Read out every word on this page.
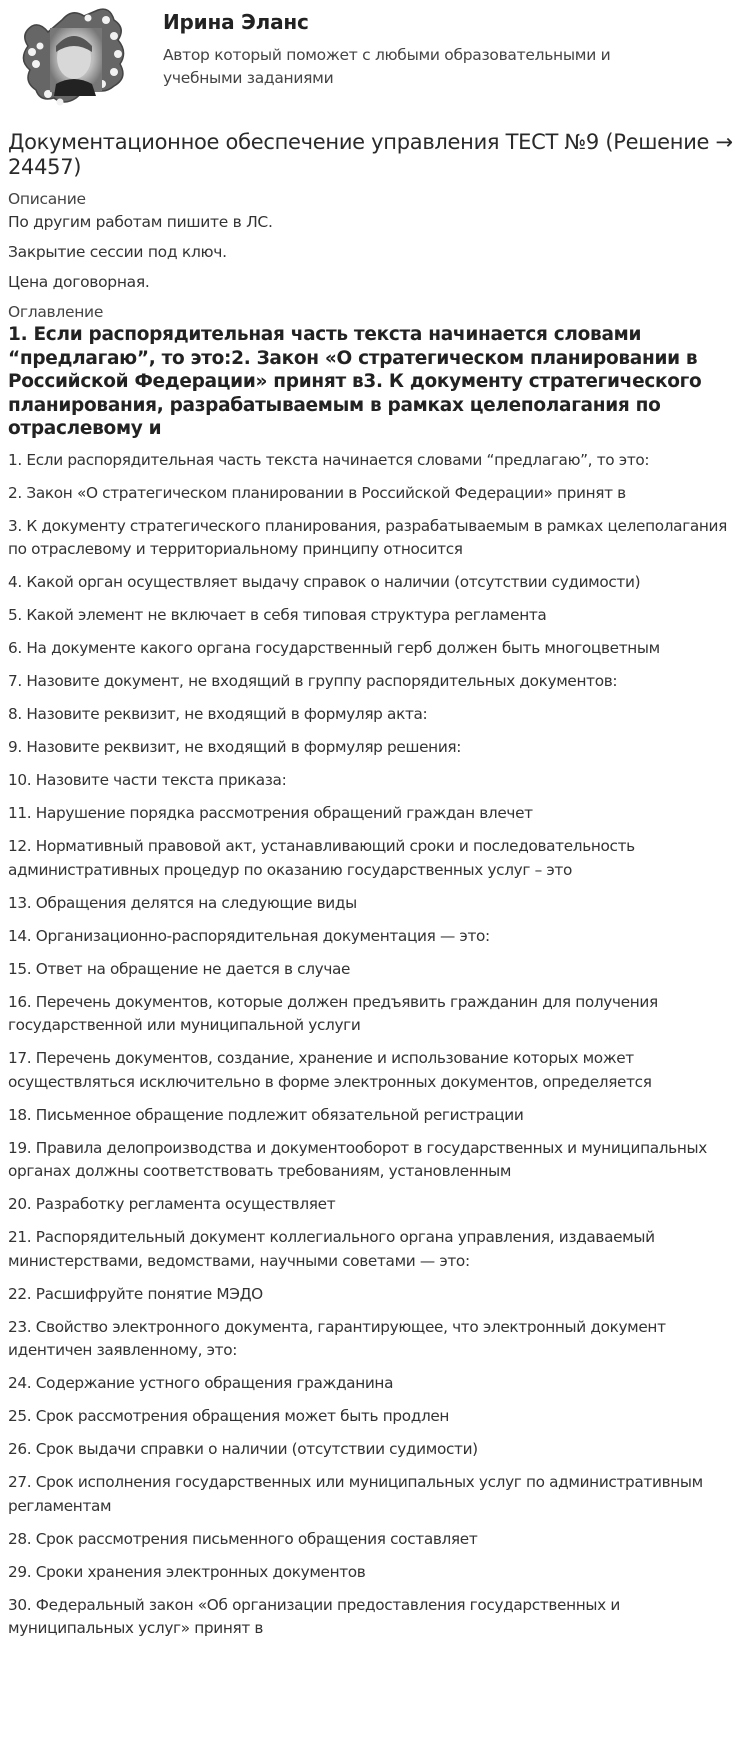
Ирина Эланс
Автор который поможет с любыми образовательными и учебными заданиями
Документационное обеспечение управления ТЕСТ №9 (Решение → 24457)
Описание

По другим работам пишите в ЛС.

Закрытие сессии под ключ.

Цена договорная.

Оглавление
1. Если распорядительная часть текста начинается словами “предлагаю”, то это:2. Закон «О стратегическом планировании в Российской Федерации» принят в3. К документу стратегического планирования, разрабатываемым в рамках целеполагания по отраслевому и
1. Если распорядительная часть текста начинается словами “предлагаю”, то это:
2. Закон «О стратегическом планировании в Российской Федерации» принят в
3. К документу стратегического планирования, разрабатываемым в рамках целеполагания по отраслевому и территориальному принципу относится
4. Какой орган осуществляет выдачу справок о наличии (отсутствии судимости)
5. Какой элемент не включает в себя типовая структура регламента
6. На документе какого органа государственный герб должен быть многоцветным
7. Назовите документ, не входящий в группу распорядительных документов:
8. Назовите реквизит, не входящий в формуляр акта:
9. Назовите реквизит, не входящий в формуляр решения:
10. Назовите части текста приказа:
11. Нарушение порядка рассмотрения обращений граждан влечет
12. Нормативный правовой акт, устанавливающий сроки и последовательность административных процедур по оказанию государственных услуг – это
13. Обращения делятся на следующие виды
14. Организационно-распорядительная документация — это:
15. Ответ на обращение не дается в случае
16. Перечень документов, которые должен предъявить гражданин для получения государственной или муниципальной услуги
17. Перечень документов, создание, хранение и использование которых может осуществляться исключительно в форме электронных документов, определяется
18. Письменное обращение подлежит обязательной регистрации
19. Правила делопроизводства и документооборот в государственных и муниципальных органах должны соответствовать требованиям, установленным
20. Разработку регламента осуществляет
21. Распорядительный документ коллегиального органа управления, издаваемый министерствами, ведомствами, научными советами — это:
22. Расшифруйте понятие МЭДО
23. Свойство электронного документа, гарантирующее, что электронный документ идентичен заявленному, это:
24. Содержание устного обращения гражданина
25. Срок рассмотрения обращения может быть продлен
26. Срок выдачи справки о наличии (отсутствии судимости)
27. Срок исполнения государственных или муниципальных услуг по административным регламентам
28. Срок рассмотрения письменного обращения составляет
29. Сроки хранения электронных документов
30. Федеральный закон «Об организации предоставления государственных и муниципальных услуг» принят в
